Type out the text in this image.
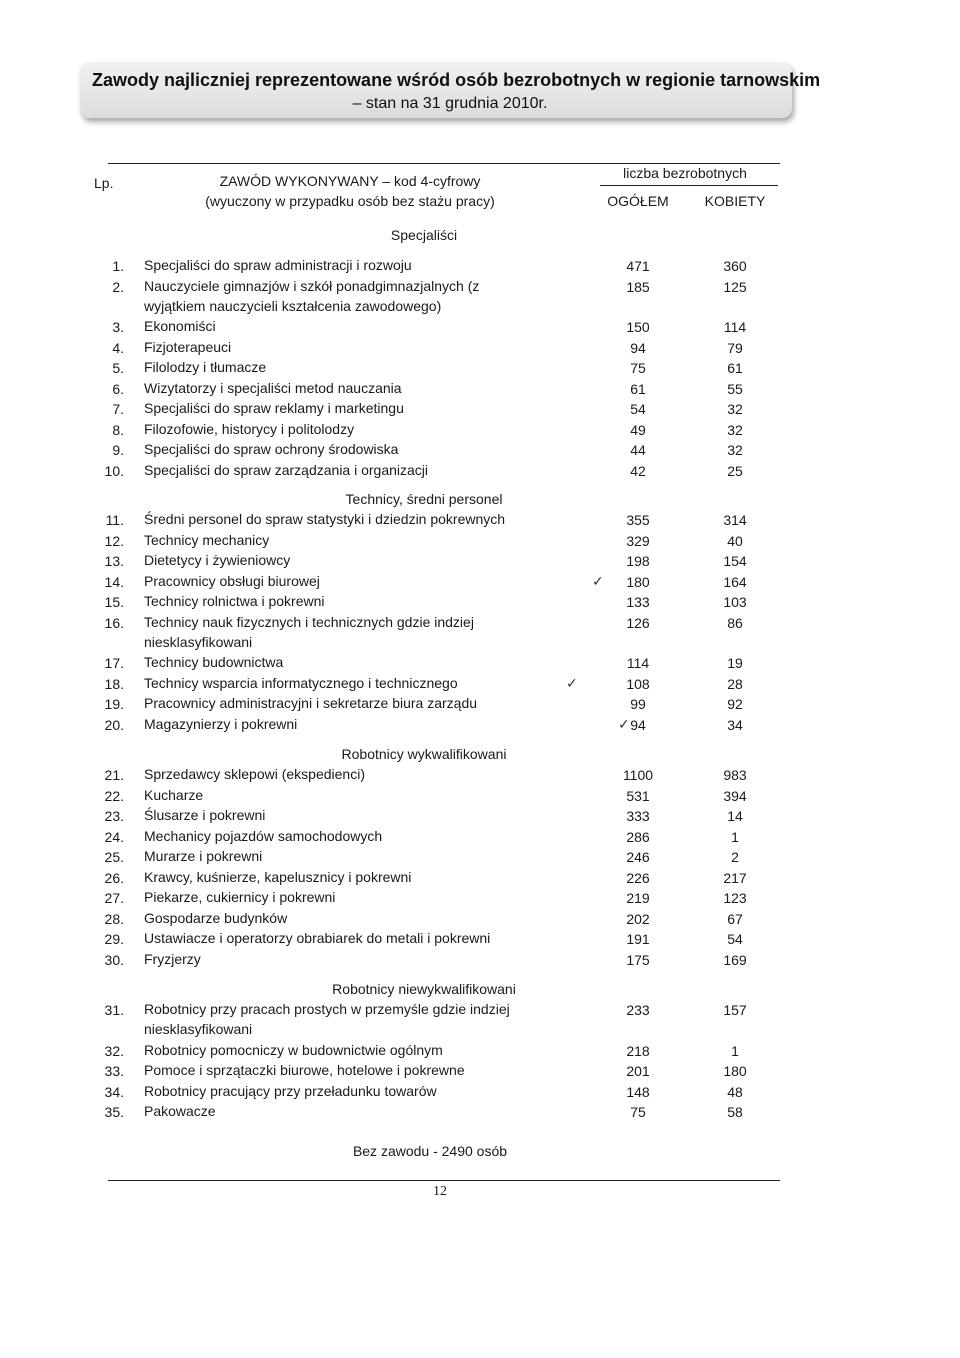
Zawody najliczniej reprezentowane wśród osób bezrobotnych w regionie tarnowskim
– stan na 31 grudnia 2010r.
Lp.	ZAWÓD WYKONYWANY – kod 4-cyfrowy
(wyuczony w przypadku osób bez stażu pracy)
liczba bezrobotnych
OGÓŁEM	KOBIETY
Specjaliści
1. Specjaliści do spraw administracji i rozwoju	471	360
2. Nauczyciele gimnazjów i szkół ponadgimnazjalnych (z wyjątkiem nauczycieli kształcenia zawodowego)
185	125
3. Ekonomiści	150	114
4. Fizjoterapeuci	94	79
5. Filolodzy i tłumacze	75	61
6. Wizytatorzy i specjaliści metod nauczania	61	55
7. Specjaliści do spraw reklamy i marketingu	54	32
8. Filozofowie, historycy i politolodzy	49	32
9. Specjaliści do spraw ochrony środowiska	44	32
10. Specjaliści do spraw zarządzania i organizacji	42	25
Technicy, średni personel
11. Średni personel do spraw statystyki i dziedzin pokrewnych	355	314
12. Technicy mechanicy	329	40
13. Dietetycy i żywieniowcy	198	154
14. Pracownicy obsługi biurowej	180	164
✓
15. Technicy rolnictwa i pokrewni	133	103
16. Technicy nauk fizycznych i technicznych gdzie indziej niesklasyfikowani
126	86
17. Technicy budownictwa	114	19
18. Technicy wsparcia informatycznego i technicznego	108	28
✓
19. Pracownicy administracyjni i sekretarze biura zarządu	99	92
20. Magazynierzy i pokrewni	94	34
✓
Robotnicy wykwalifikowani
21. Sprzedawcy sklepowi (ekspedienci)	1100	983
22. Kucharze	531	394
23. Ślusarze i pokrewni	333	14
24. Mechanicy pojazdów samochodowych	286	1
25. Murarze i pokrewni	246	2
26. Krawcy, kuśnierze, kapelusznicy i pokrewni	226	217
27. Piekarze, cukiernicy i pokrewni	219	123
28. Gospodarze budynków	202	67
29. Ustawiacze i operatorzy obrabiarek do metali i pokrewni	191	54
30. Fryzjerzy	175	169
Robotnicy niewykwalifikowani
31. Robotnicy przy pracach prostych w przemyśle gdzie indziej niesklasyfikowani
233	157
32. Robotnicy pomocniczy w budownictwie ogólnym	218	1
33. Pomoce i sprzątaczki biurowe, hotelowe i pokrewne	201	180
34. Robotnicy pracujący przy przeładunku towarów	148	48
35. Pakowacze	75	58
Bez zawodu - 2490 osób
12
